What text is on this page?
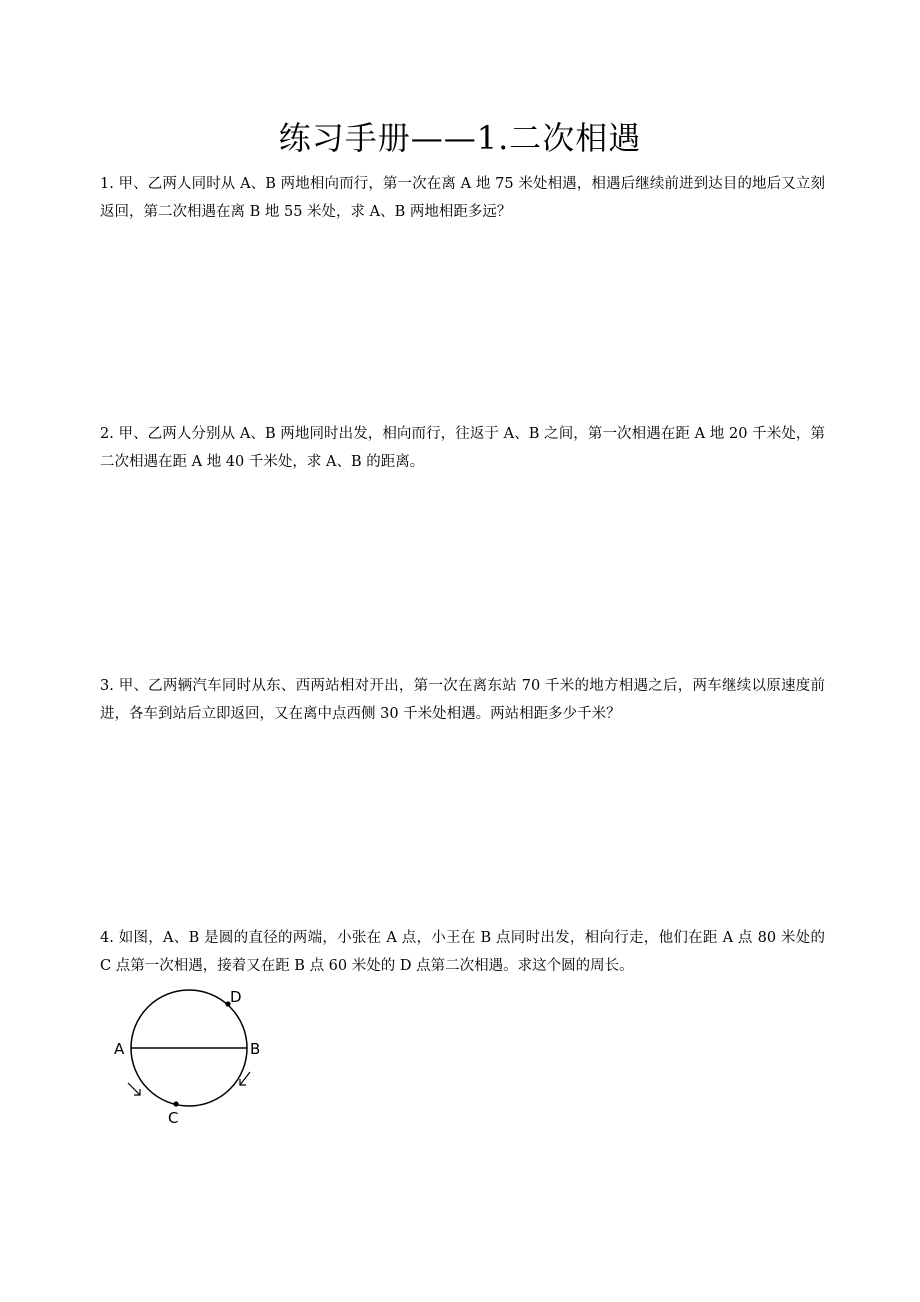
练习手册——1.二次相遇
1. 甲、乙两人同时从 A、B 两地相向而行，第一次在离 A 地 75 米处相遇，相遇后继续前进到达目的地后又立刻返回，第二次相遇在离 B 地 55 米处，求 A、B 两地相距多远？
2. 甲、乙两人分别从 A、B 两地同时出发，相向而行，往返于 A、B 之间，第一次相遇在距 A 地 20 千米处，第二次相遇在距 A 地 40 千米处，求 A、B 的距离。
3. 甲、乙两辆汽车同时从东、西两站相对开出，第一次在离东站 70 千米的地方相遇之后，两车继续以原速度前进，各车到站后立即返回，又在离中点西侧 30 千米处相遇。两站相距多少千米？
4. 如图，A、B 是圆的直径的两端，小张在 A 点，小王在 B 点同时出发，相向行走，他们在距 A 点 80 米处的 C 点第一次相遇，接着又在距 B 点 60 米处的 D 点第二次相遇。求这个圆的周长。
D
A	B
C
